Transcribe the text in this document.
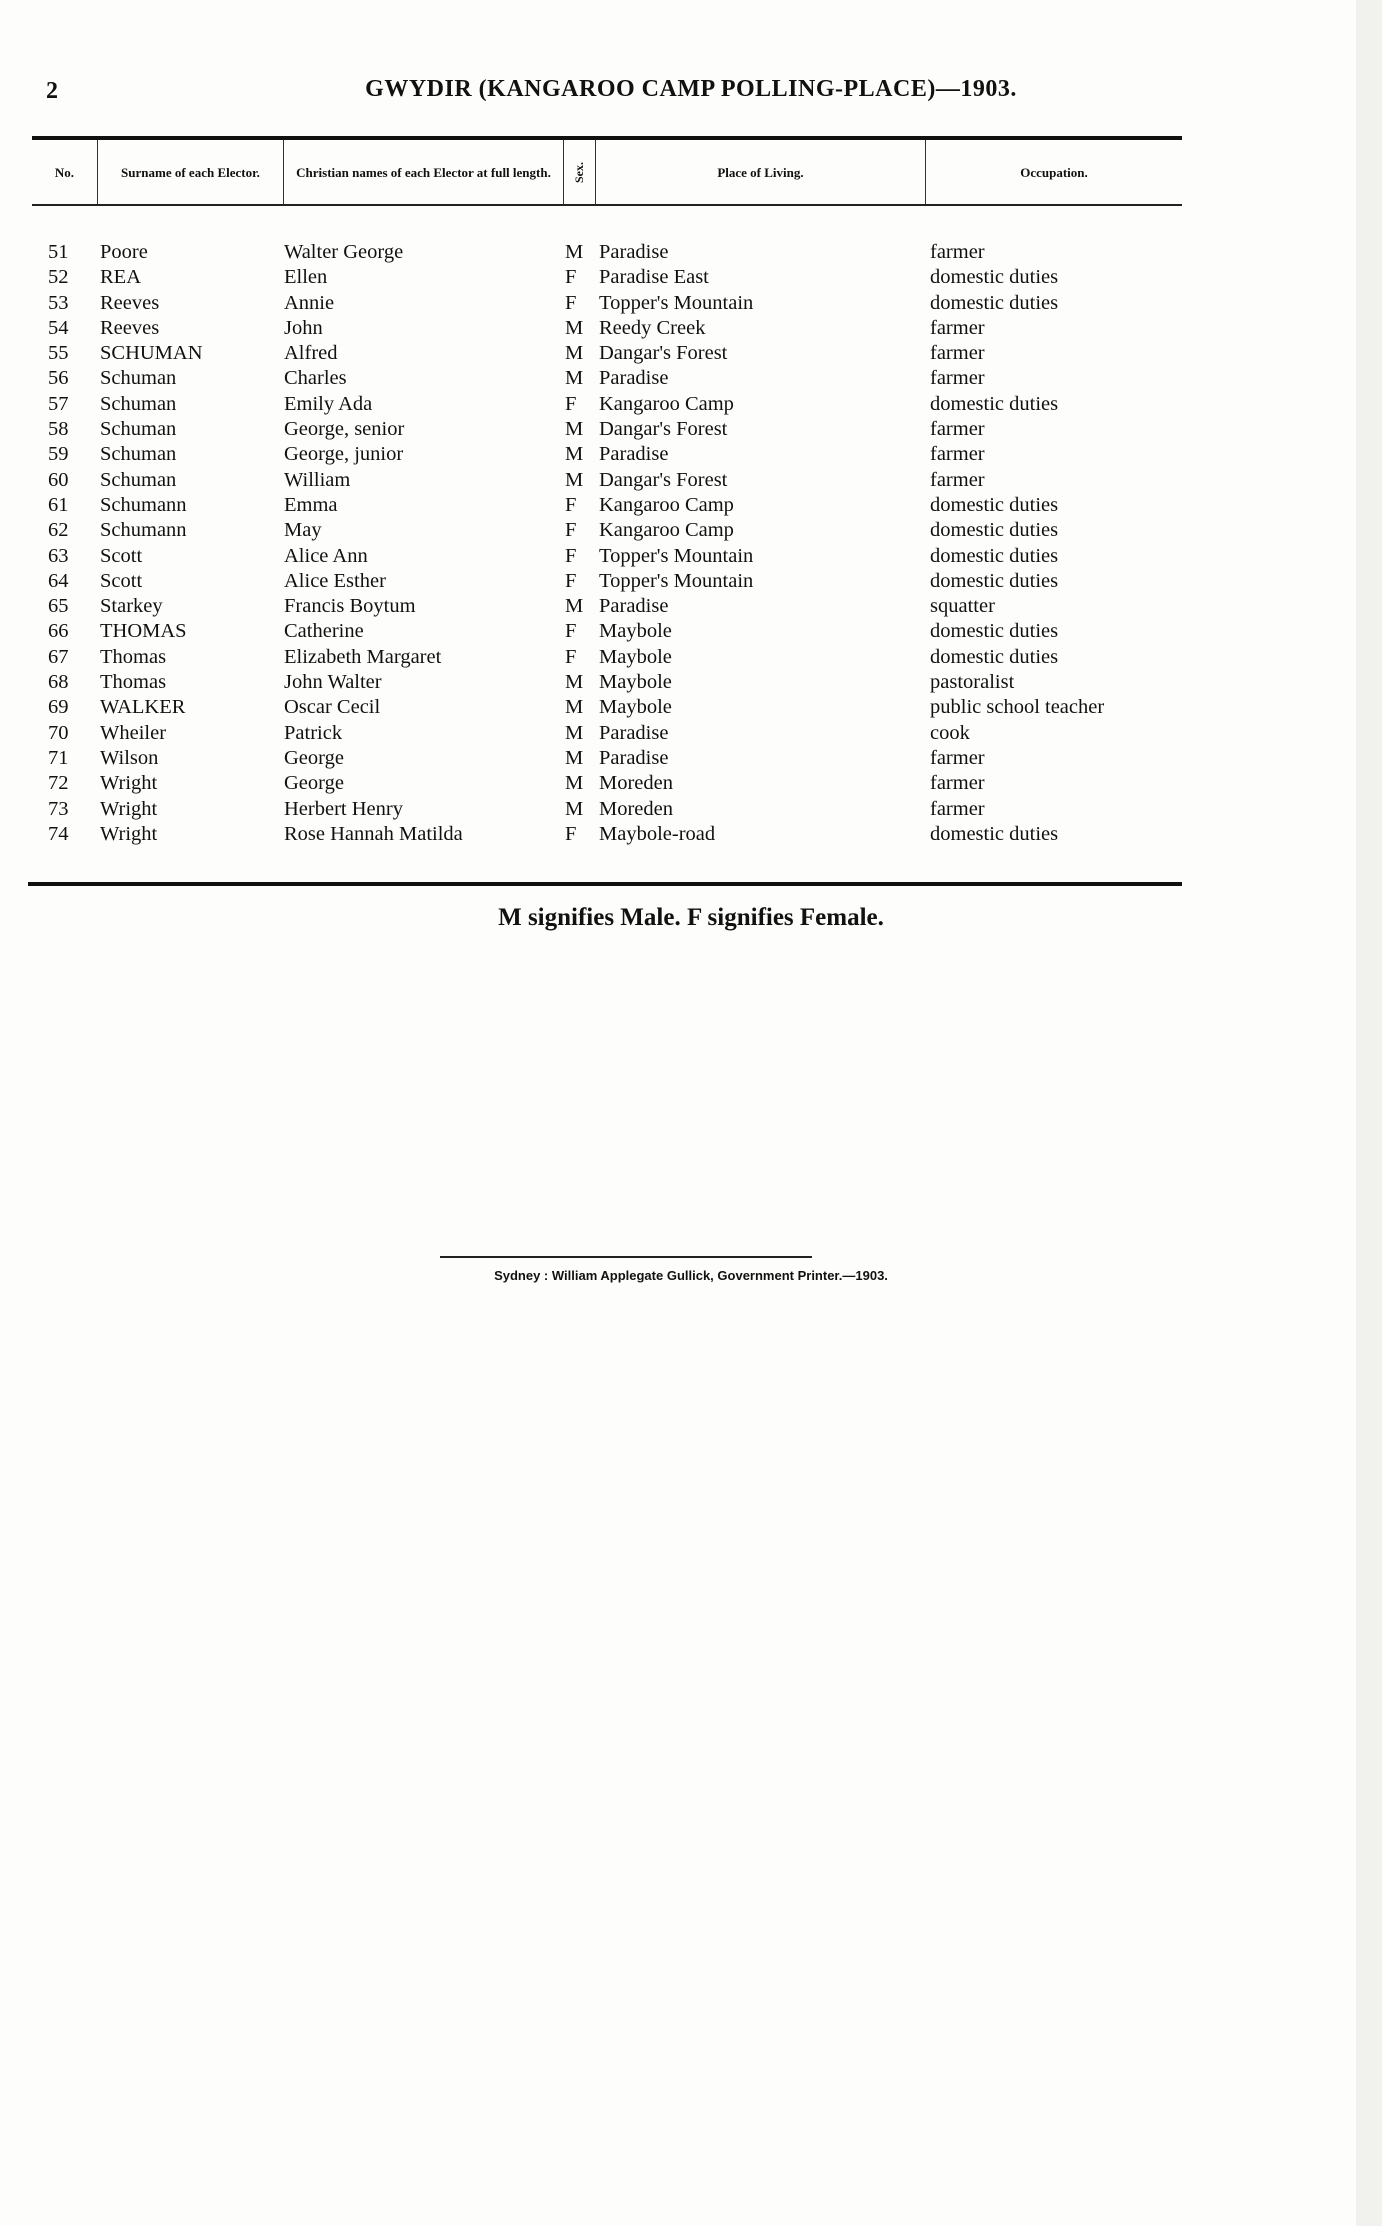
2	GWYDIR (KANGAROO CAMP POLLING-PLACE)—1903.
No.	Surname of each Elector.	Christian names of each Elector at full length.	Sex.	Place of Living.	Occupation.
51 Poore	Walter George	M Paradise	farmer
52 REA	Ellen	F Paradise East	domestic duties
53 Reeves	Annie	F Topper's Mountain	domestic duties
54 Reeves	John	M Reedy Creek	farmer
55 SCHUMAN	Alfred	M Dangar's Forest	farmer
56 Schuman	Charles	M Paradise	farmer
57 Schuman	Emily Ada	F Kangaroo Camp	domestic duties
58 Schuman	George, senior	M Dangar's Forest	farmer
59 Schuman	George, junior	M Paradise	farmer
60 Schuman	William	M Dangar's Forest	farmer
61 Schumann	Emma	F Kangaroo Camp	domestic duties
62 Schumann	May	F Kangaroo Camp	domestic duties
63 Scott	Alice Ann	F Topper's Mountain	domestic duties
64 Scott	Alice Esther	F Topper's Mountain	domestic duties
65 Starkey	Francis Boytum	M Paradise	squatter
66 THOMAS	Catherine	F Maybole	domestic duties
67 Thomas	Elizabeth Margaret	F Maybole	domestic duties
68 Thomas	John Walter	M Maybole	pastoralist
69 WALKER	Oscar Cecil	M Maybole	public school teacher
70 Wheiler	Patrick	M Paradise	cook
71 Wilson	George	M Paradise	farmer
72 Wright	George	M Moreden	farmer
73 Wright	Herbert Henry	M Moreden	farmer
74 Wright	Rose Hannah Matilda	F Maybole-road	domestic duties
M signifies Male. F signifies Female.
Sydney : William Applegate Gullick, Government Printer.—1903.
